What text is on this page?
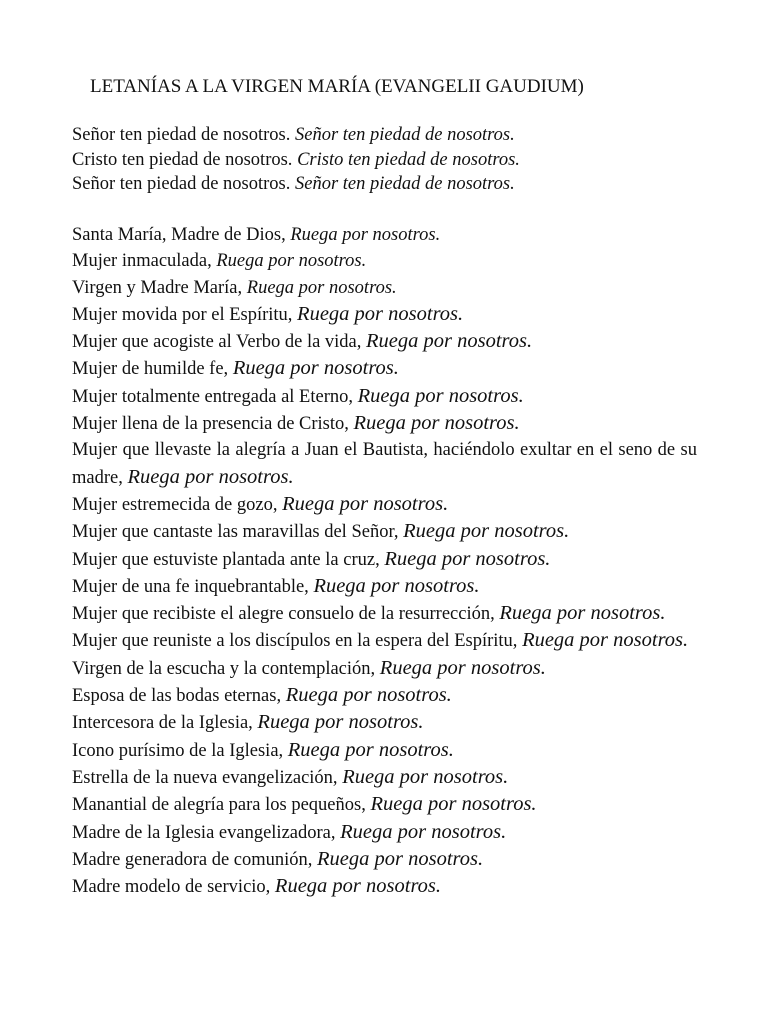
LETANÍAS A LA VIRGEN MARÍA (EVANGELII GAUDIUM)
Señor ten piedad de nosotros. Señor ten piedad de nosotros.
Cristo ten piedad de nosotros. Cristo ten piedad de nosotros.
Señor ten piedad de nosotros. Señor ten piedad de nosotros.
Santa María, Madre de Dios, Ruega por nosotros.
Mujer inmaculada, Ruega por nosotros.
Virgen y Madre María, Ruega por nosotros.
Mujer movida por el Espíritu, Ruega por nosotros.
Mujer que acogiste al Verbo de la vida, Ruega por nosotros.
Mujer de humilde fe, Ruega por nosotros.
Mujer totalmente entregada al Eterno, Ruega por nosotros.
Mujer llena de la presencia de Cristo, Ruega por nosotros.
Mujer que llevaste la alegría a Juan el Bautista, haciéndolo exultar en el seno de su madre, Ruega por nosotros.
Mujer estremecida de gozo, Ruega por nosotros.
Mujer que cantaste las maravillas del Señor, Ruega por nosotros.
Mujer que estuviste plantada ante la cruz, Ruega por nosotros.
Mujer de una fe inquebrantable, Ruega por nosotros.
Mujer que recibiste el alegre consuelo de la resurrección, Ruega por nosotros.
Mujer que reuniste a los discípulos en la espera del Espíritu, Ruega por nosotros.
Virgen de la escucha y la contemplación, Ruega por nosotros.
Esposa de las bodas eternas, Ruega por nosotros.
Intercesora de la Iglesia, Ruega por nosotros.
Icono purísimo de la Iglesia, Ruega por nosotros.
Estrella de la nueva evangelización, Ruega por nosotros.
Manantial de alegría para los pequeños, Ruega por nosotros.
Madre de la Iglesia evangelizadora, Ruega por nosotros.
Madre generadora de comunión, Ruega por nosotros.
Madre modelo de servicio, Ruega por nosotros.
